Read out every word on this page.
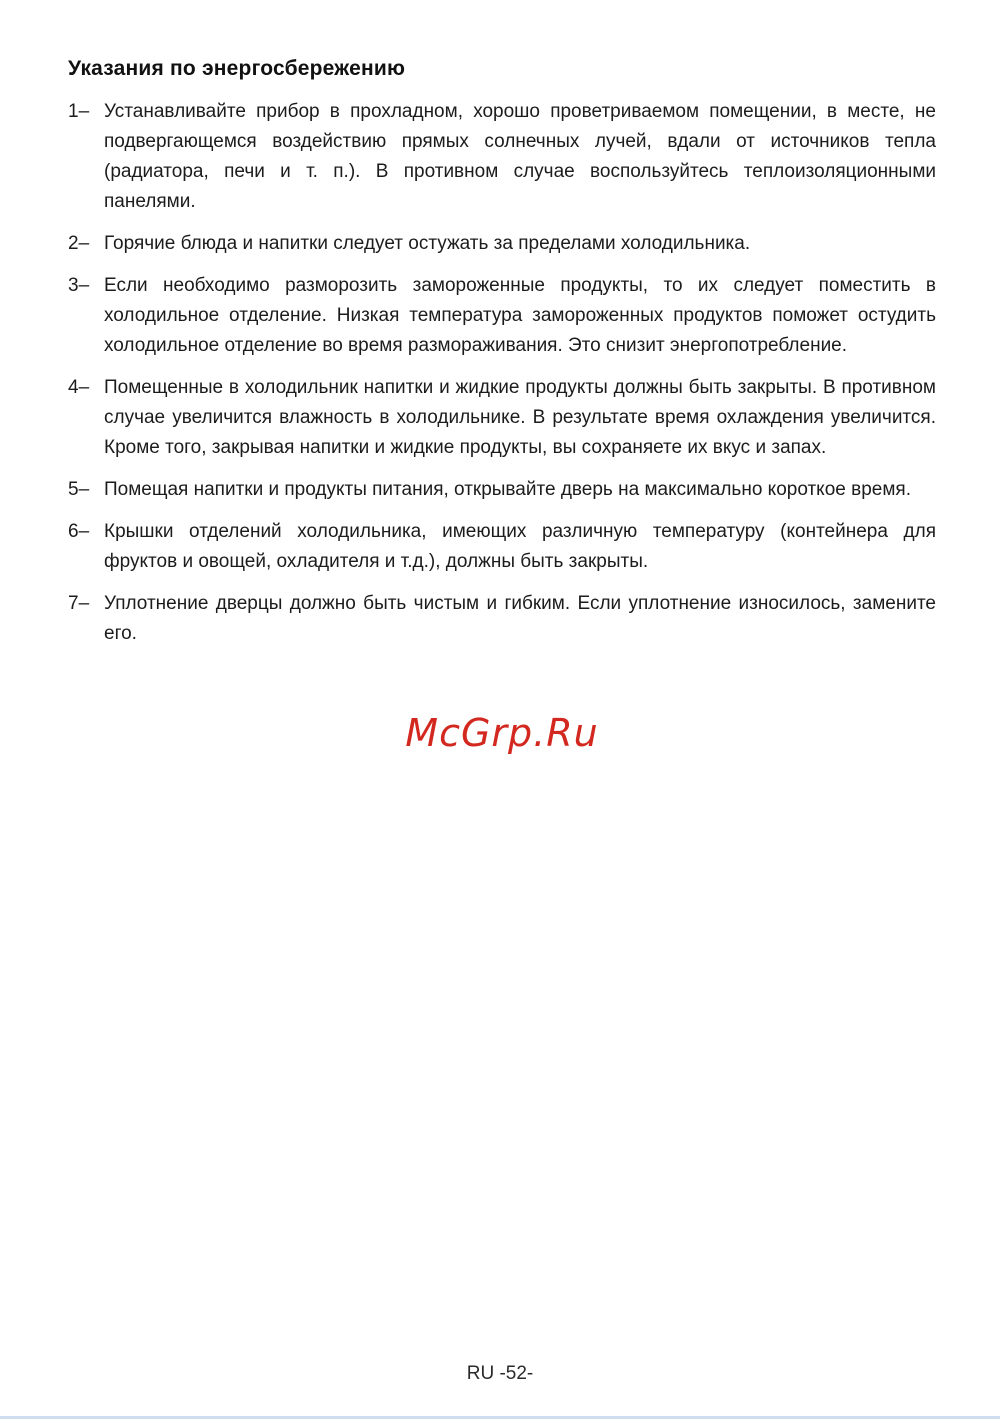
Указания по энергосбережению
1– Устанавливайте прибор в прохладном, хорошо проветриваемом помещении, в месте, не подвергающемся воздействию прямых солнечных лучей, вдали от источников тепла (радиатора, печи и т. п.). В противном случае воспользуйтесь теплоизоляционными панелями.
2– Горячие блюда и напитки следует остужать за пределами холодильника.
3– Если необходимо разморозить замороженные продукты, то их следует поместить в холодильное отделение. Низкая температура замороженных продуктов поможет остудить холодильное отделение во время размораживания. Это снизит энергопотребление.
4– Помещенные в холодильник напитки и жидкие продукты должны быть закрыты. В противном случае увеличится влажность в холодильнике. В результате время охлаждения увеличится. Кроме того, закрывая напитки и жидкие продукты, вы сохраняете их вкус и запах.
5– Помещая напитки и продукты питания, открывайте дверь на максимально короткое время.
6– Крышки отделений холодильника, имеющих различную температуру (контейнера для фруктов и овощей, охладителя и т.д.), должны быть закрыты.
7– Уплотнение дверцы должно быть чистым и гибким. Если уплотнение износилось, замените его.
McGrp.Ru
RU -52-
